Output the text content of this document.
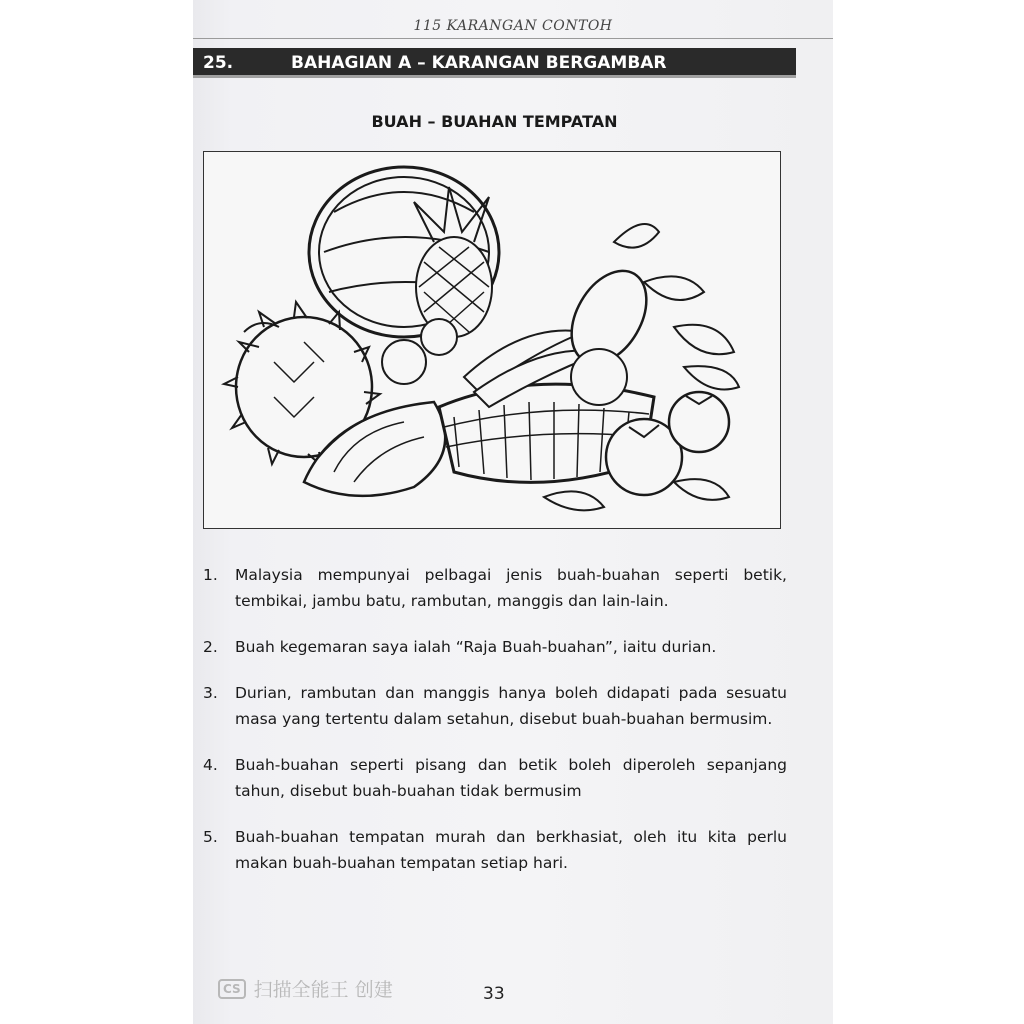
115 KARANGAN CONTOH
25.	BAHAGIAN A – KARANGAN BERGAMBAR
BUAH – BUAHAN TEMPATAN
1. Malaysia mempunyai pelbagai jenis buah-buahan seperti betik, tembikai, jambu batu, rambutan, manggis dan lain-lain.
2. Buah kegemaran saya ialah “Raja Buah-buahan”, iaitu durian.
3. Durian, rambutan dan manggis hanya boleh didapati pada sesuatu masa yang tertentu dalam setahun, disebut buah-buahan bermusim.
4. Buah-buahan seperti pisang dan betik boleh diperoleh sepanjang tahun, disebut buah-buahan tidak bermusim
5. Buah-buahan tempatan murah dan berkhasiat, oleh itu kita perlu makan buah-buahan tempatan setiap hari.
33
CS 扫描全能王 创建
